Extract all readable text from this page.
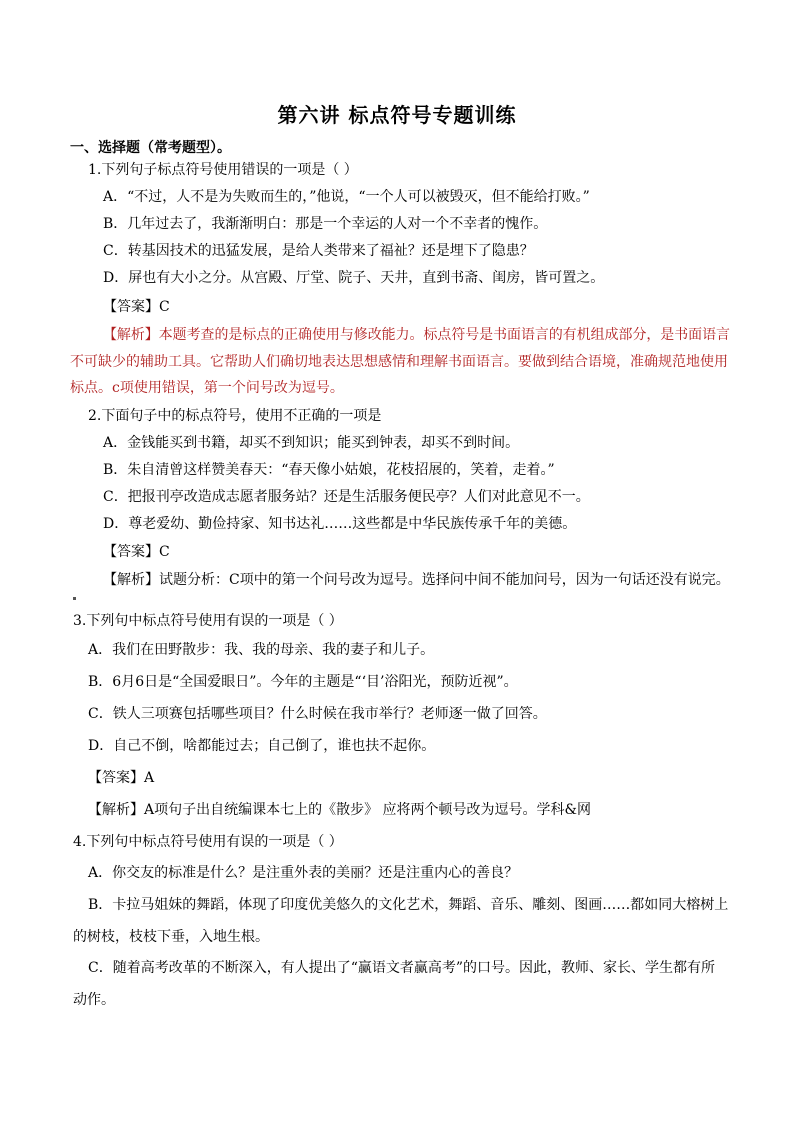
第六讲 标点符号专题训练
一、选择题（常考题型）。
1.下列句子标点符号使用错误的一项是（ ）
A．“不过，人不是为失败而生的，”他说，“一个人可以被毁灭，但不能给打败。”
B．几年过去了，我渐渐明白：那是一个幸运的人对一个不幸者的愧作。
C．转基因技术的迅猛发展，是给人类带来了福祉？还是埋下了隐患？
D．屏也有大小之分。从宫殿、厅堂、院子、天井，直到书斋、闺房，皆可置之。
【答案】C
【解析】本题考查的是标点的正确使用与修改能力。标点符号是书面语言的有机组成部分，是书面语言
不可缺少的辅助工具。它帮助人们确切地表达思想感情和理解书面语言。要做到结合语境，准确规范地使用
标点。c项使用错误，第一个问号改为逗号。
2.下面句子中的标点符号，使用不正确的一项是
A．金钱能买到书籍，却买不到知识；能买到钟表，却买不到时间。
B．朱自清曾这样赞美春天：“春天像小姑娘，花枝招展的，笑着，走着。”
C．把报刊亭改造成志愿者服务站？还是生活服务便民亭？人们对此意见不一。
D．尊老爱幼、勤俭持家、知书达礼……这些都是中华民族传承千年的美德。
【答案】C
【解析】试题分析：C项中的第一个问号改为逗号。选择问中间不能加问号，因为一句话还没有说完。
3.下列句中标点符号使用有误的一项是（ ）
A．我们在田野散步：我、我的母亲、我的妻子和儿子。
B．6月6日是“全国爱眼日”。今年的主题是“‘目’浴阳光，预防近视”。
C．铁人三项赛包括哪些项目？什么时候在我市举行？老师逐一做了回答。
D．自己不倒，啥都能过去；自己倒了，谁也扶不起你。
【答案】A
【解析】A项句子出自统编课本七上的《散步》 应将两个顿号改为逗号。学科&网
4.下列句中标点符号使用有误的一项是（ ）
A．你交友的标准是什么？是注重外表的美丽？还是注重内心的善良？
B．卡拉马姐妹的舞蹈，体现了印度优美悠久的文化艺术，舞蹈、音乐、雕刻、图画……都如同大榕树上
的树枝，枝枝下垂，入地生根。
C．随着高考改革的不断深入，有人提出了“赢语文者赢高考”的口号。因此，教师、家长、学生都有所
动作。
